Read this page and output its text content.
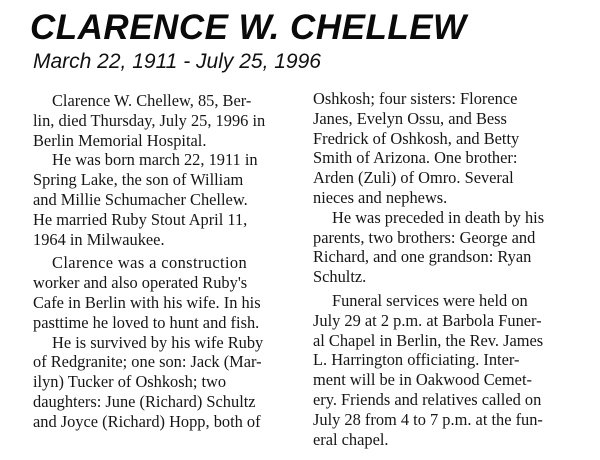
CLARENCE W. CHELLEW
March 22, 1911 - July 25, 1996
Clarence W. Chellew, 85, Ber-
lin, died Thursday, July 25, 1996 in
Berlin Memorial Hospital.
He was born march 22, 1911 in
Spring Lake, the son of William
and Millie Schumacher Chellew.
He married Ruby Stout April 11,
1964 in Milwaukee.
Clarence was a construction
worker and also operated Ruby's
Cafe in Berlin with his wife. In his
pasttime he loved to hunt and fish.
He is survived by his wife Ruby
of Redgranite; one son: Jack (Mar-
ilyn) Tucker of Oshkosh; two
daughters: June (Richard) Schultz
and Joyce (Richard) Hopp, both of
Oshkosh; four sisters: Florence
Janes, Evelyn Ossu, and Bess
Fredrick of Oshkosh, and Betty
Smith of Arizona. One brother:
Arden (Zuli) of Omro. Several
nieces and nephews.
He was preceded in death by his
parents, two brothers: George and
Richard, and one grandson: Ryan
Schultz.
Funeral services were held on
July 29 at 2 p.m. at Barbola Funer-
al Chapel in Berlin, the Rev. James
L. Harrington officiating. Inter-
ment will be in Oakwood Cemet-
ery. Friends and relatives called on
July 28 from 4 to 7 p.m. at the fun-
eral chapel.
